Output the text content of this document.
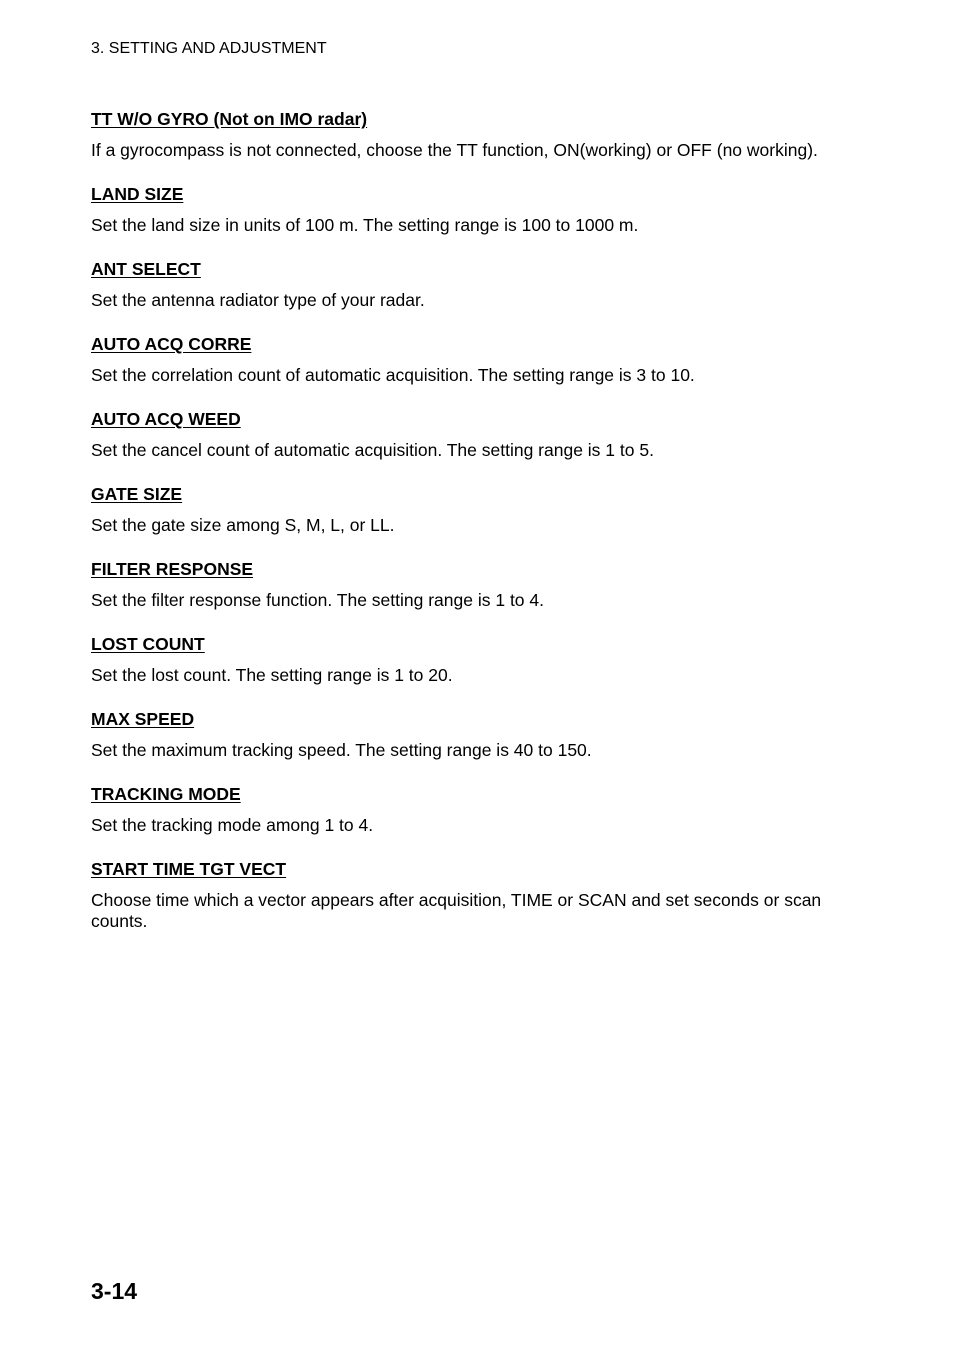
3. SETTING AND ADJUSTMENT

TT W/O GYRO (Not on IMO radar)

If a gyrocompass is not connected, choose the TT function, ON(working) or OFF (no working).

LAND SIZE

Set the land size in units of 100 m. The setting range is 100 to 1000 m.

ANT SELECT

Set the antenna radiator type of your radar.

AUTO ACQ CORRE

Set the correlation count of automatic acquisition. The setting range is 3 to 10.

AUTO ACQ WEED

Set the cancel count of automatic acquisition. The setting range is 1 to 5.

GATE SIZE

Set the gate size among S, M, L, or LL.

FILTER RESPONSE

Set the filter response function. The setting range is 1 to 4.

LOST COUNT

Set the lost count. The setting range is 1 to 20.

MAX SPEED

Set the maximum tracking speed. The setting range is 40 to 150.

TRACKING MODE

Set the tracking mode among 1 to 4.

START TIME TGT VECT

Choose time which a vector appears after acquisition, TIME or SCAN and set seconds or scan counts.

3-14
